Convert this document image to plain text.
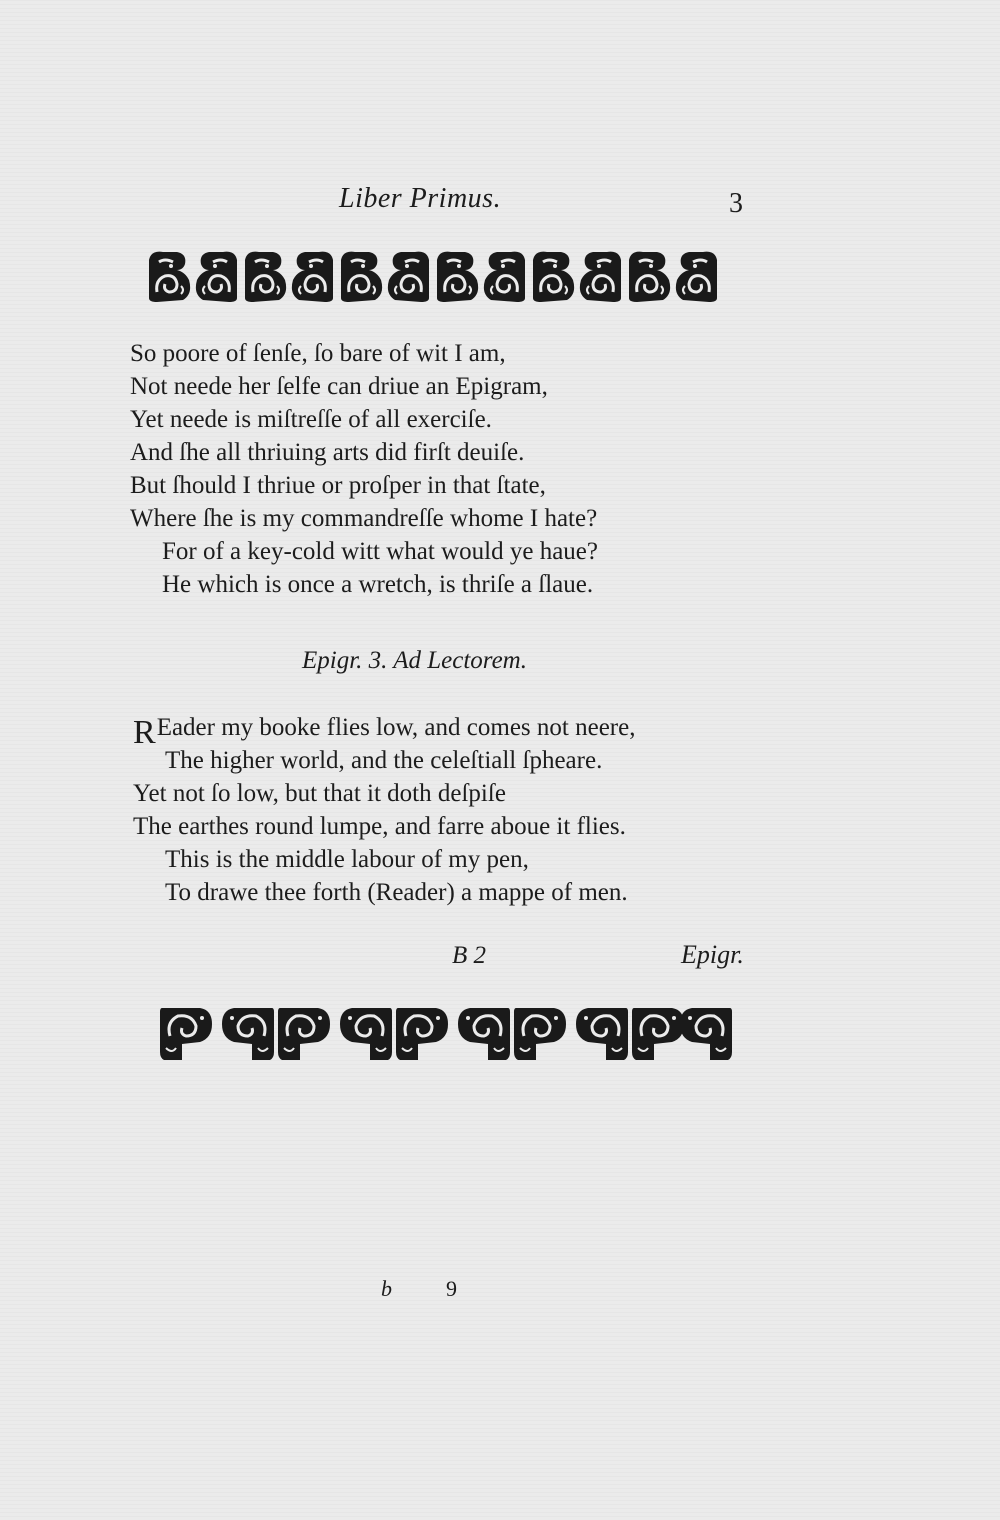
Liber Primus.	3
So poore of ſenſe, ſo bare of wit I am,
Not neede her ſelfe can driue an Epigram,
Yet neede is miſtreſſe of all exerciſe.
And ſhe all thriuing arts did firſt deuiſe.
But ſhould I thriue or proſper in that ſtate,
Where ſhe is my commandreſſe whome I hate?
For of a key-cold witt what would ye haue?
He which is once a wretch, is thriſe a ſlaue.
Epigr. 3. Ad Lectorem.
REader my booke flies low, and comes not neere,
The higher world, and the celeſtiall ſpheare.
Yet not ſo low, but that it doth deſpiſe
The earthes round lumpe, and farre aboue it flies.
This is the middle labour of my pen,
To drawe thee forth (Reader) a mappe of men.
B 2	Epigr.
b 9
